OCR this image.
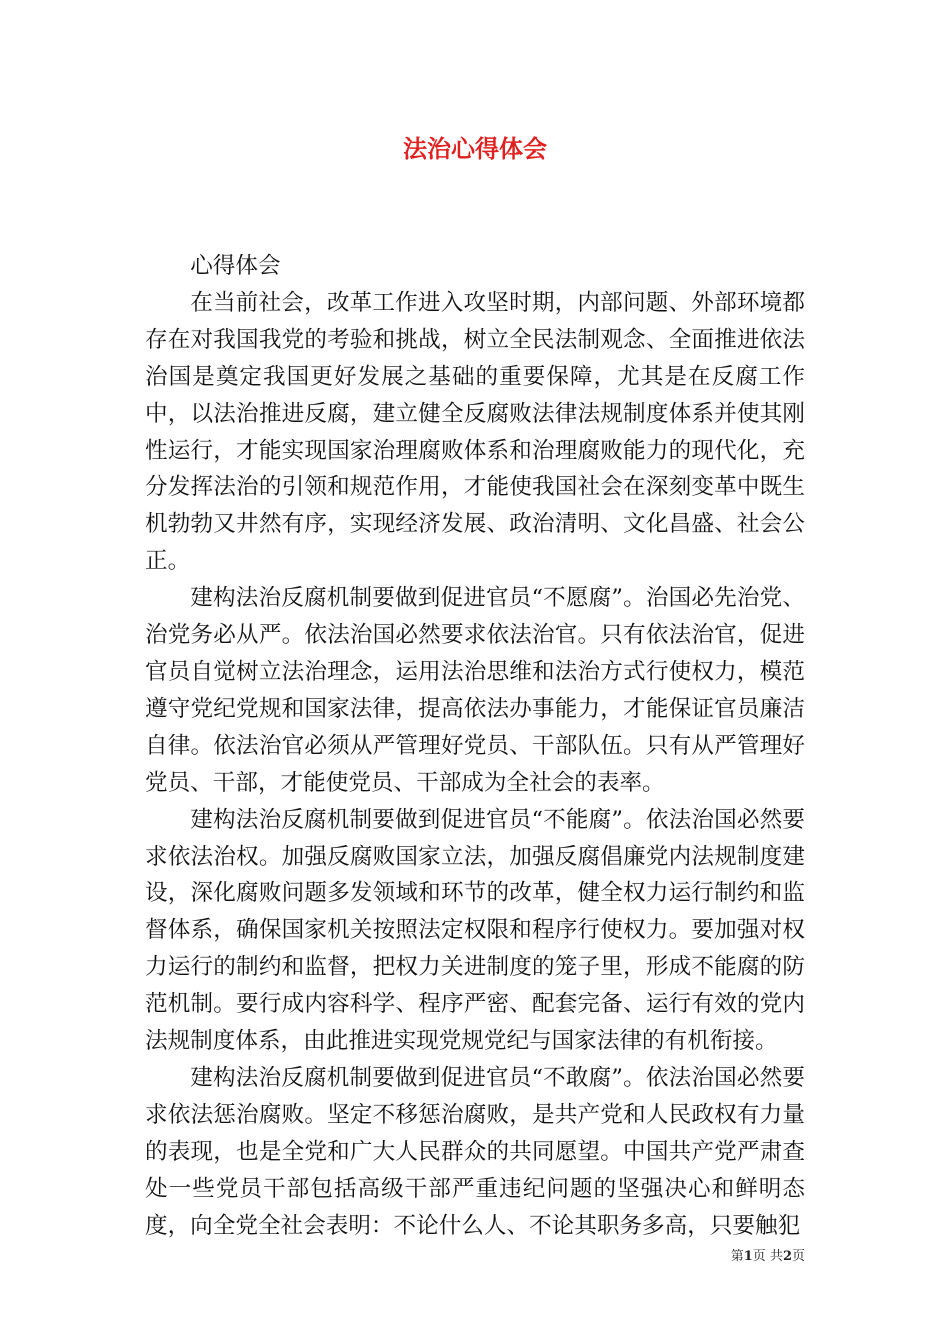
法治心得体会

心得体会

在当前社会，改革工作进入攻坚时期，内部问题、外部环境都存在对我国我党的考验和挑战，树立全民法制观念、全面推进依法治国是奠定我国更好发展之基础的重要保障，尤其是在反腐工作中，以法治推进反腐，建立健全反腐败法律法规制度体系并使其刚性运行，才能实现国家治理腐败体系和治理腐败能力的现代化，充分发挥法治的引领和规范作用，才能使我国社会在深刻变革中既生机勃勃又井然有序，实现经济发展、政治清明、文化昌盛、社会公正。

建构法治反腐机制要做到促进官员“不愿腐”。治国必先治党、治党务必从严。依法治国必然要求依法治官。只有依法治官，促进官员自觉树立法治理念，运用法治思维和法治方式行使权力，模范遵守党纪党规和国家法律，提高依法办事能力，才能保证官员廉洁自律。依法治官必须从严管理好党员、干部队伍。只有从严管理好党员、干部，才能使党员、干部成为全社会的表率。

建构法治反腐机制要做到促进官员“不能腐”。依法治国必然要求依法治权。加强反腐败国家立法，加强反腐倡廉党内法规制度建设，深化腐败问题多发领域和环节的改革，健全权力运行制约和监督体系，确保国家机关按照法定权限和程序行使权力。要加强对权力运行的制约和监督，把权力关进制度的笼子里，形成不能腐的防范机制。要行成内容科学、程序严密、配套完备、运行有效的党内法规制度体系，由此推进实现党规党纪与国家法律的有机衔接。

建构法治反腐机制要做到促进官员“不敢腐”。依法治国必然要求依法惩治腐败。坚定不移惩治腐败，是共产党和人民政权有力量的表现，也是全党和广大人民群众的共同愿望。中国共产党严肃查处一些党员干部包括高级干部严重违纪问题的坚强决心和鲜明态度，向全党全社会表明：不论什么人、不论其职务多高，只要触犯

第1页 共2页
